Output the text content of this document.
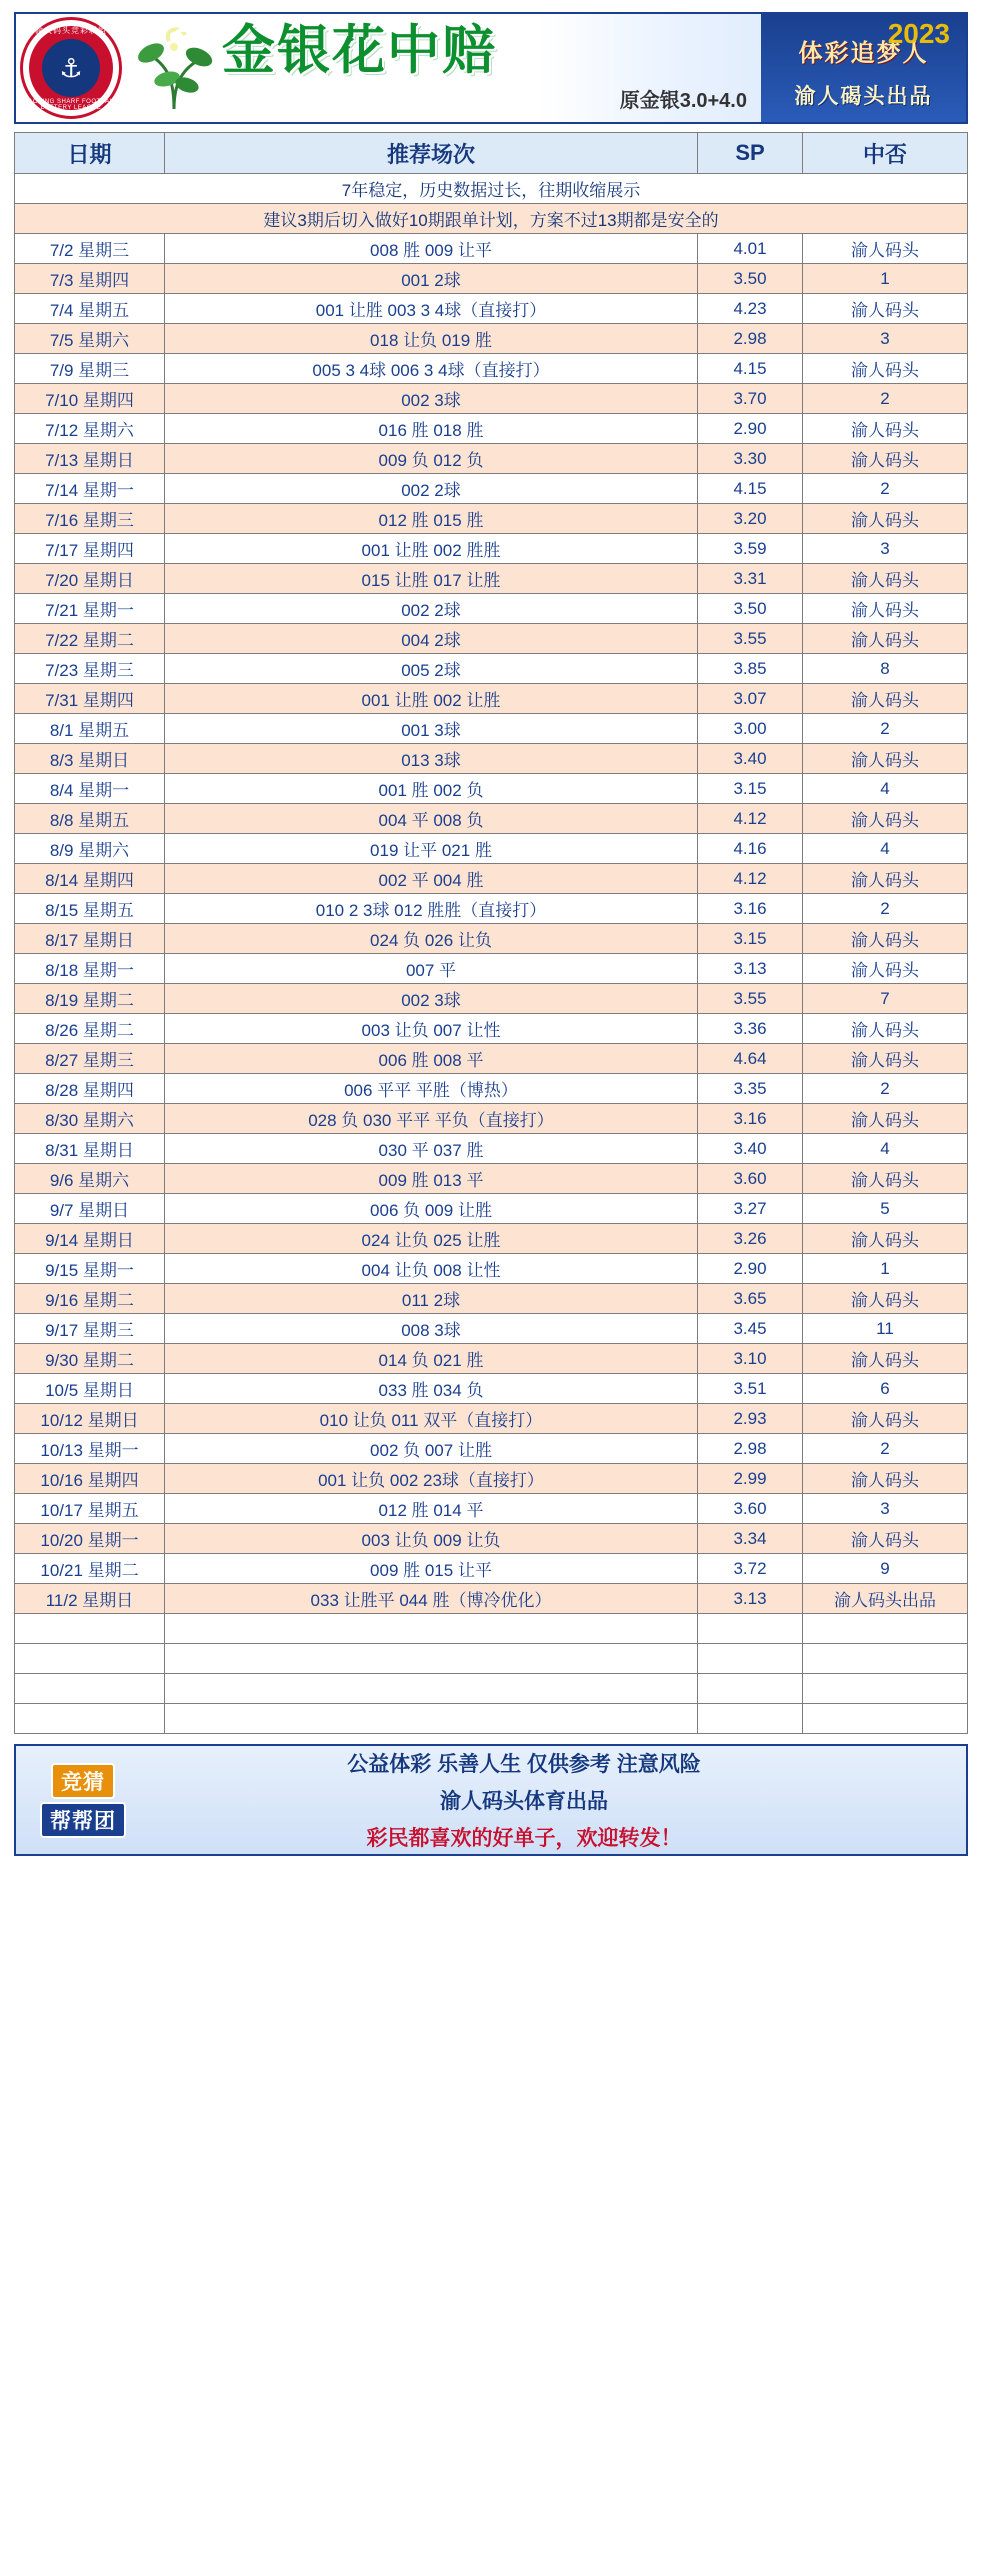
⚓
渝人码头竞彩联盟
LAOSING SHARF FOOTBALL LOTTERY LEAGUE
金银花中赔
原金银3.0+4.0
2023
体彩追梦人
渝人碣头出品
日期	推荐场次	SP	中否
7年稳定，历史数据过长，往期收缩展示			
建议3期后切入做好10期跟单计划，方案不过13期都是安全的			
7/2 星期三	008 胜 009 让平	4.01	渝人码头
7/3 星期四	001 2球	3.50	1
7/4 星期五	001 让胜 003 3 4球（直接打）	4.23	渝人码头
7/5 星期六	018 让负 019 胜	2.98	3
7/9 星期三	005 3 4球 006 3 4球（直接打）	4.15	渝人码头
7/10 星期四	002 3球	3.70	2
7/12 星期六	016 胜 018 胜	2.90	渝人码头
7/13 星期日	009 负 012 负	3.30	渝人码头
7/14 星期一	002 2球	4.15	2
7/16 星期三	012 胜 015 胜	3.20	渝人码头
7/17 星期四	001 让胜 002 胜胜	3.59	3
7/20 星期日	015 让胜 017 让胜	3.31	渝人码头
7/21 星期一	002 2球	3.50	渝人码头
7/22 星期二	004 2球	3.55	渝人码头
7/23 星期三	005 2球	3.85	8
7/31 星期四	001 让胜 002 让胜	3.07	渝人码头
8/1 星期五	001 3球	3.00	2
8/3 星期日	013 3球	3.40	渝人码头
8/4 星期一	001 胜 002 负	3.15	4
8/8 星期五	004 平 008 负	4.12	渝人码头
8/9 星期六	019 让平 021 胜	4.16	4
8/14 星期四	002 平 004 胜	4.12	渝人码头
8/15 星期五	010 2 3球 012 胜胜（直接打）	3.16	2
8/17 星期日	024 负 026 让负	3.15	渝人码头
8/18 星期一	007 平	3.13	渝人码头
8/19 星期二	002 3球	3.55	7
8/26 星期二	003 让负 007 让性	3.36	渝人码头
8/27 星期三	006 胜 008 平	4.64	渝人码头
8/28 星期四	006 平平 平胜（博热）	3.35	2
8/30 星期六	028 负 030 平平 平负（直接打）	3.16	渝人码头
8/31 星期日	030 平 037 胜	3.40	4
9/6 星期六	009 胜 013 平	3.60	渝人码头
9/7 星期日	006 负 009 让胜	3.27	5
9/14 星期日	024 让负 025 让胜	3.26	渝人码头
9/15 星期一	004 让负 008 让性	2.90	1
9/16 星期二	011 2球	3.65	渝人码头
9/17 星期三	008 3球	3.45	11
9/30 星期二	014 负 021 胜	3.10	渝人码头
10/5 星期日	033 胜 034 负	3.51	6
10/12 星期日	010 让负 011 双平（直接打）	2.93	渝人码头
10/13 星期一	002 负 007 让胜	2.98	2
10/16 星期四	001 让负 002 23球（直接打）	2.99	渝人码头
10/17 星期五	012 胜 014 平	3.60	3
10/20 星期一	003 让负 009 让负	3.34	渝人码头
10/21 星期二	009 胜 015 让平	3.72	9
11/2 星期日	033 让胜平 044 胜（博冷优化）	3.13	渝人码头出品

竞猜
帮帮团
公益体彩 乐善人生 仅供参考 注意风险
渝人码头体育出品
彩民都喜欢的好单子，欢迎转发！
